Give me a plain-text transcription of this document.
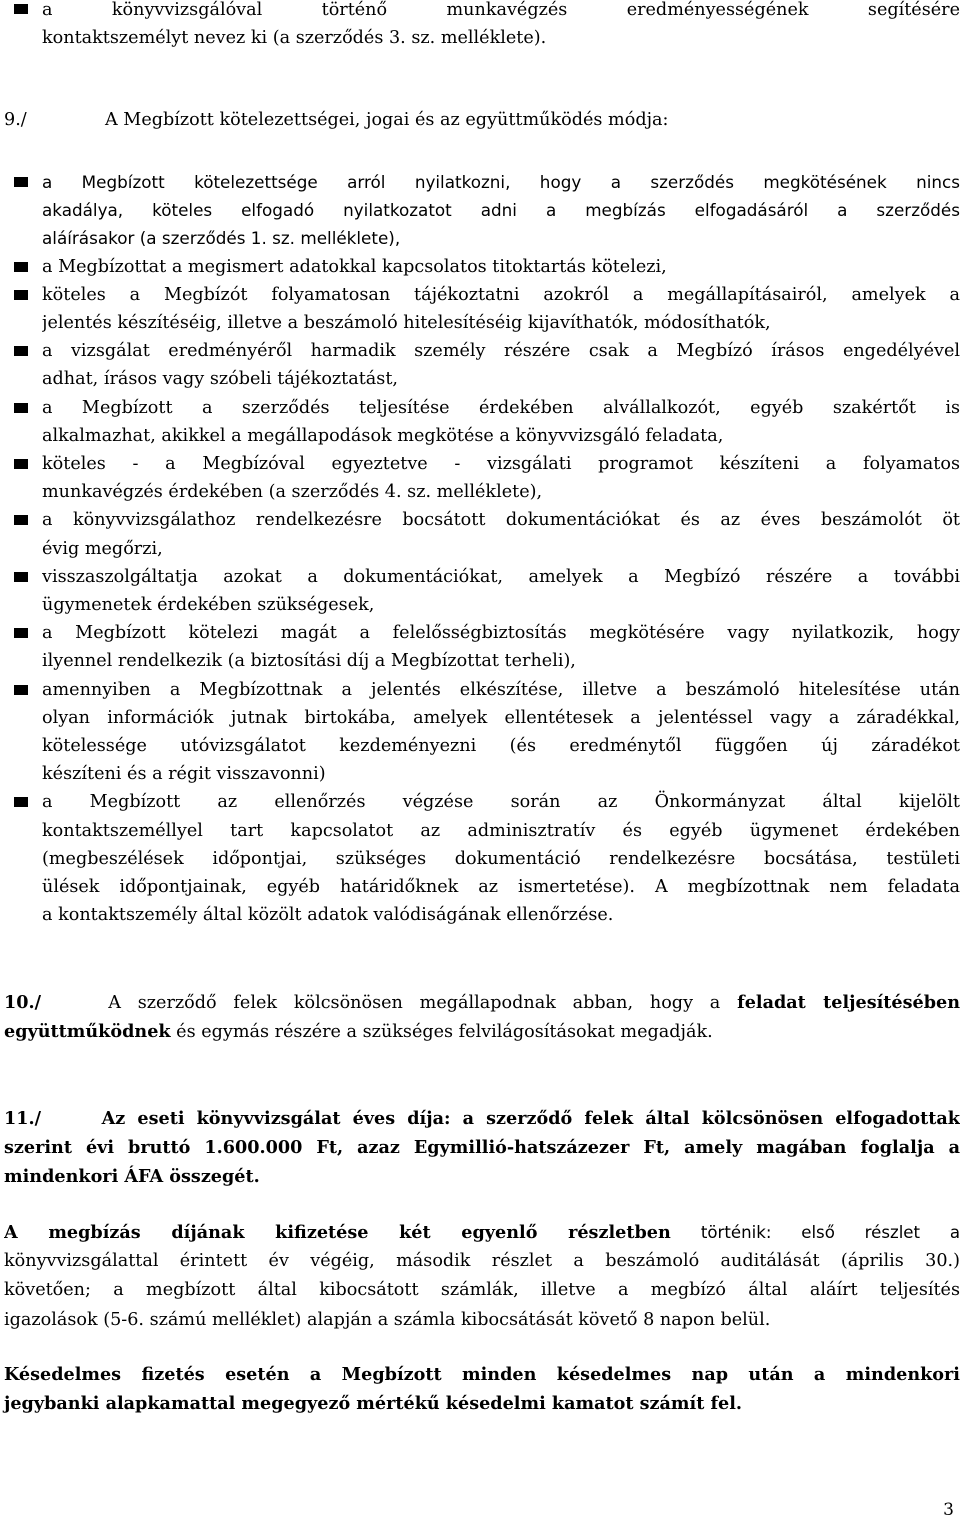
a könyvvizsgálóval történő munkavégzés eredményességének segítésére
kontaktszemélyt nevez ki (a szerződés 3. sz. melléklete).
9./	A Megbízott kötelezettségei, jogai és az együttműködés módja:
a Megbízott kötelezettsége arról nyilatkozni, hogy a szerződés megkötésének nincs
akadálya, köteles elfogadó nyilatkozatot adni a megbízás elfogadásáról a szerződés
aláírásakor (a szerződés 1. sz. melléklete),
a Megbízottat a megismert adatokkal kapcsolatos titoktartás kötelezi,
köteles a Megbízót folyamatosan tájékoztatni azokról a megállapításairól, amelyek a
jelentés készítéséig, illetve a beszámoló hitelesítéséig kijavíthatók, módosíthatók,
a vizsgálat eredményéről harmadik személy részére csak a Megbízó írásos engedélyével
adhat, írásos vagy szóbeli tájékoztatást,
a Megbízott a szerződés teljesítése érdekében alvállalkozót, egyéb szakértőt is
alkalmazhat, akikkel a megállapodások megkötése a könyvvizsgáló feladata,
köteles - a Megbízóval egyeztetve - vizsgálati programot készíteni a folyamatos
munkavégzés érdekében (a szerződés 4. sz. melléklete),
a könyvvizsgálathoz rendelkezésre bocsátott dokumentációkat és az éves beszámolót öt
évig megőrzi,
visszaszolgáltatja azokat a dokumentációkat, amelyek a Megbízó részére a további
ügymenetek érdekében szükségesek,
a Megbízott kötelezi magát a felelősségbiztosítás megkötésére vagy nyilatkozik, hogy
ilyennel rendelkezik (a biztosítási díj a Megbízottat terheli),
amennyiben a Megbízottnak a jelentés elkészítése, illetve a beszámoló hitelesítése után
olyan információk jutnak birtokába, amelyek ellentétesek a jelentéssel vagy a záradékkal,
kötelessége utóvizsgálatot kezdeményezni (és eredménytől függően új záradékot
készíteni és a régit visszavonni)
a Megbízott az ellenőrzés végzése során az Önkormányzat által kijelölt
kontaktszeméllyel tart kapcsolatot az adminisztratív és egyéb ügymenet érdekében
(megbeszélések időpontjai, szükséges dokumentáció rendelkezésre bocsátása, testületi
ülések időpontjainak, egyéb határidőknek az ismertetése). A megbízottnak nem feladata
a kontaktszemély által közölt adatok valódiságának ellenőrzése.
10./	A szerződő felek kölcsönösen megállapodnak abban, hogy a feladat teljesítésében
együttműködnek és egymás részére a szükséges felvilágosításokat megadják.
11./	Az eseti könyvvizsgálat éves díja: a szerződő felek által kölcsönösen elfogadottak
szerint évi bruttó 1.600.000 Ft, azaz Egymillió-hatszázezer Ft, amely magában foglalja a
mindenkori ÁFA összegét.
A megbízás díjának kifizetése két egyenlő részletben történik: első részlet a
könyvvizsgálattal érintett év végéig, második részlet a beszámoló auditálását (április 30.)
követően; a megbízott által kibocsátott számlák, illetve a megbízó által aláírt teljesítés
igazolások (5-6. számú melléklet) alapján a számla kibocsátását követő 8 napon belül.
Késedelmes fizetés esetén a Megbízott minden késedelmes nap után a mindenkori
jegybanki alapkamattal megegyező mértékű késedelmi kamatot számít fel.
3
